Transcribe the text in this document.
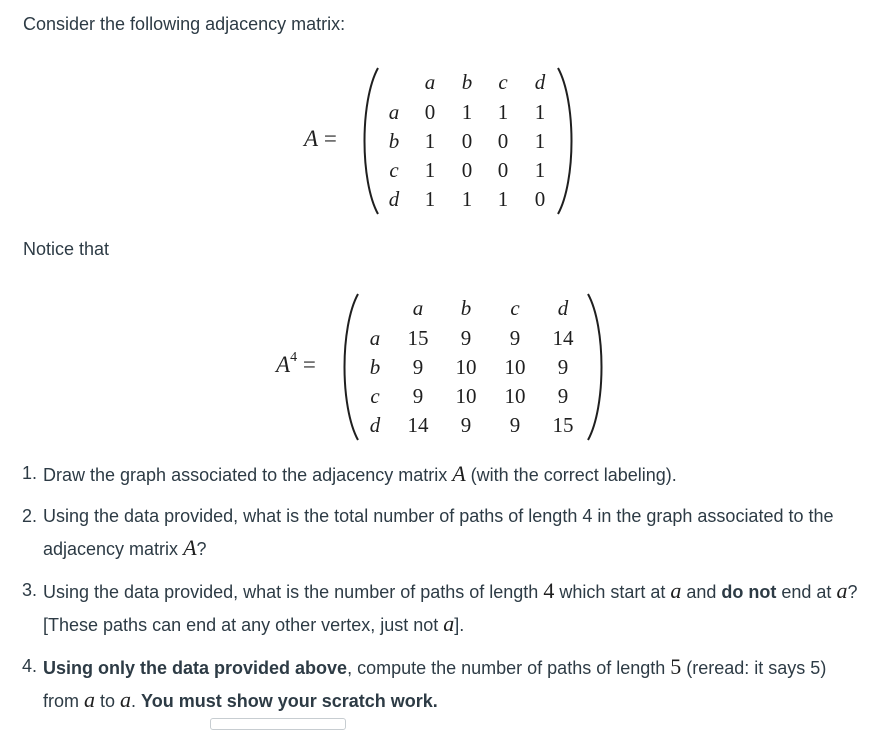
Consider the following adjacency matrix:
A =
a	b	c	d
a	0	1	1	1
b	1	0	0	1
c	1	0	0	1
d	1	1	1	0
Notice that
$A^4$ =
a	b	c	d
a	15	9	9	14
b	9	10	10	9
c	9	10	10	9
d	14	9	9	15
1. Draw the graph associated to the adjacency matrix A (with the correct labeling).
2. Using the data provided, what is the total number of paths of length 4 in the graph associated to the adjacency matrix A?
3. Using the data provided, what is the number of paths of length 4 which start at a and do not end at a? [These paths can end at any other vertex, just not a].
4. Using only the data provided above, compute the number of paths of length 5 (reread: it says 5) from a to a. You must show your scratch work.
